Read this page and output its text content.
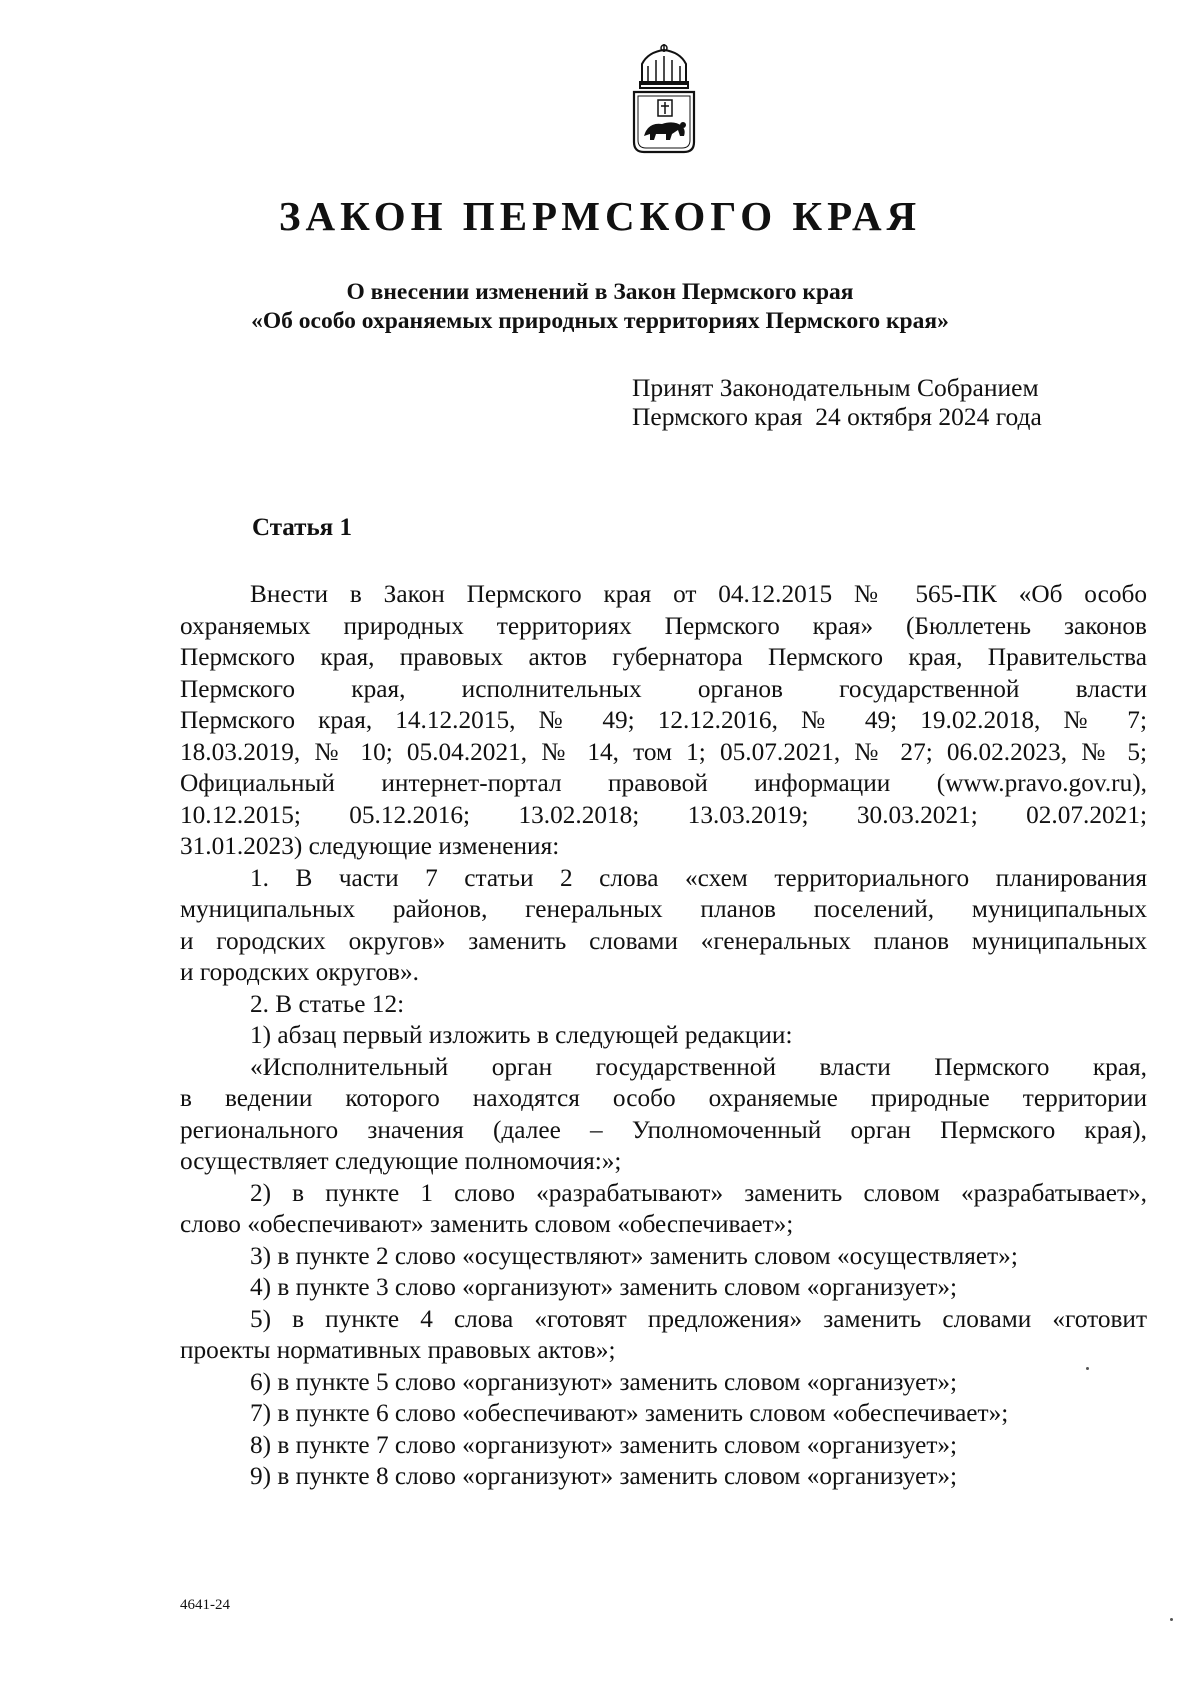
ЗАКОН ПЕРМСКОГО КРАЯ
О внесении изменений в Закон Пермского края
«Об особо охраняемых природных территориях Пермского края»
Принят Законодательным Собранием
Пермского края  24 октября 2024 года
Статья 1

Внести в Закон Пермского края от 04.12.2015 № 565-ПК «Об особо
охраняемых природных территориях Пермского края» (Бюллетень законов
Пермского края, правовых актов губернатора Пермского края, Правительства
Пермского края, исполнительных органов государственной власти
Пермского края, 14.12.2015, № 49; 12.12.2016, № 49; 19.02.2018, № 7;
18.03.2019, № 10; 05.04.2021, № 14, том 1; 05.07.2021, № 27; 06.02.2023, № 5;
Официальный интернет-портал правовой информации (www.pravo.gov.ru),
10.12.2015; 05.12.2016; 13.02.2018; 13.03.2019; 30.03.2021; 02.07.2021;
31.01.2023) следующие изменения:

1. В части 7 статьи 2 слова «схем территориального планирования
муниципальных районов, генеральных планов поселений, муниципальных
и городских округов» заменить словами «генеральных планов муниципальных
и городских округов».

2. В статье 12:

1) абзац первый изложить в следующей редакции:

«Исполнительный орган государственной власти Пермского края,
в ведении которого находятся особо охраняемые природные территории
регионального значения (далее – Уполномоченный орган Пермского края),
осуществляет следующие полномочия:»;

2) в пункте 1 слово «разрабатывают» заменить словом «разрабатывает»,
слово «обеспечивают» заменить словом «обеспечивает»;

3) в пункте 2 слово «осуществляют» заменить словом «осуществляет»;

4) в пункте 3 слово «организуют» заменить словом «организует»;

5) в пункте 4 слова «готовят предложения» заменить словами «готовит
проекты нормативных правовых актов»;

6) в пункте 5 слово «организуют» заменить словом «организует»;

7) в пункте 6 слово «обеспечивают» заменить словом «обеспечивает»;

8) в пункте 7 слово «организуют» заменить словом «организует»;

9) в пункте 8 слово «организуют» заменить словом «организует»;

4641-24
